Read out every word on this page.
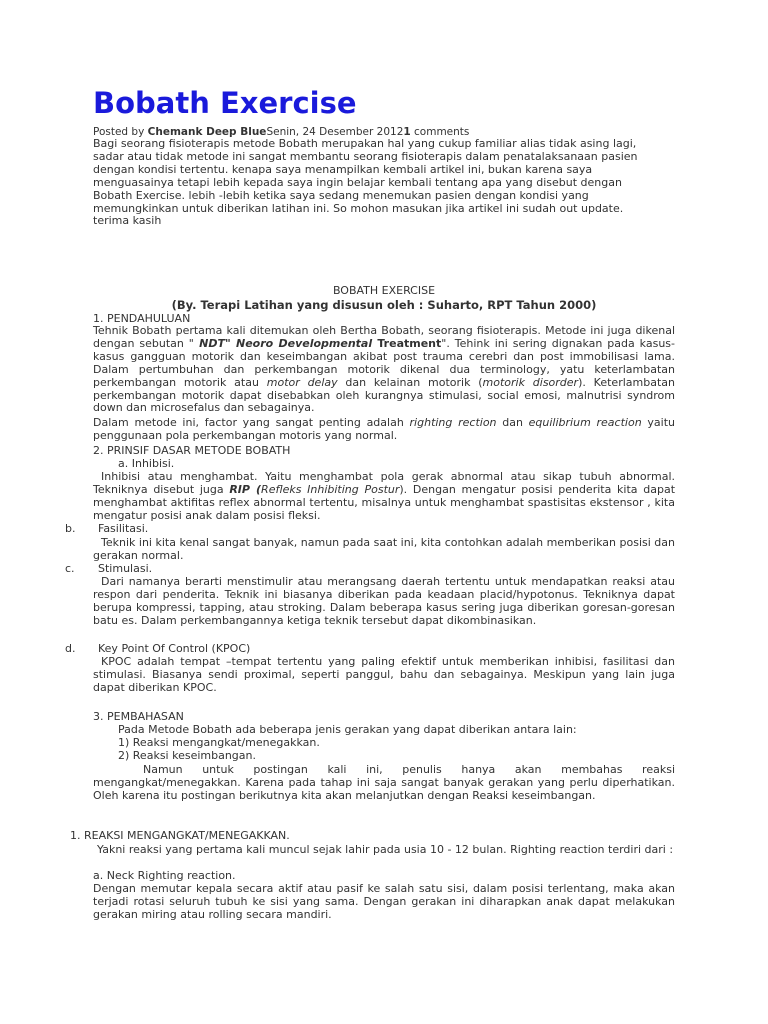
Bobath Exercise
Posted by Chemank Deep BlueSenin, 24 Desember 20121 comments
Bagi seorang fisioterapis metode Bobath merupakan hal yang cukup familiar alias tidak asing lagi,
sadar atau tidak metode ini sangat membantu seorang fisioterapis dalam penatalaksanaan pasien
dengan kondisi tertentu. kenapa saya menampilkan kembali artikel ini, bukan karena saya
menguasainya tetapi lebih kepada saya ingin belajar kembali tentang apa yang disebut dengan
Bobath Exercise. lebih -lebih ketika saya sedang menemukan pasien dengan kondisi yang
memungkinkan untuk diberikan latihan ini. So mohon masukan jika artikel ini sudah out update.
terima kasih
BOBATH EXERCISE
(By. Terapi Latihan yang disusun oleh : Suharto, RPT Tahun 2000)
1. PENDAHULUAN
Tehnik Bobath pertama kali ditemukan oleh Bertha Bobath, seorang fisioterapis. Metode ini juga dikenal dengan sebutan " NDT" Neoro Developmental Treatment". Tehink ini sering dignakan pada kasus-kasus gangguan motorik dan keseimbangan akibat post trauma cerebri dan post immobilisasi lama. Dalam pertumbuhan dan perkembangan motorik dikenal dua terminology, yatu keterlambatan perkembangan motorik atau motor delay dan kelainan motorik (motorik disorder). Keterlambatan perkembangan motorik dapat disebabkan oleh kurangnya stimulasi, social emosi, malnutrisi syndrom down dan microsefalus dan sebagainya.
Dalam metode ini, factor yang sangat penting adalah righting rection dan equilibrium reaction yaitu penggunaan pola perkembangan motoris yang normal.
2. PRINSIF DASAR METODE BOBATH
a. Inhibisi.
Inhibisi atau menghambat. Yaitu menghambat pola gerak abnormal atau sikap tubuh abnormal. Tekniknya disebut juga RIP (Refleks Inhibiting Postur). Dengan mengatur posisi penderita kita dapat menghambat aktifitas reflex abnormal tertentu, misalnya untuk menghambat spastisitas ekstensor , kita mengatur posisi anak dalam posisi fleksi.
b. Fasilitasi.
Teknik ini kita kenal sangat banyak, namun pada saat ini, kita contohkan adalah memberikan posisi dan gerakan normal.
c. Stimulasi.
Dari namanya berarti menstimulir atau merangsang daerah tertentu untuk mendapatkan reaksi atau respon dari penderita. Teknik ini biasanya diberikan pada keadaan placid/hypotonus. Tekniknya dapat berupa kompressi, tapping, atau stroking. Dalam beberapa kasus sering juga diberikan goresan-goresan batu es. Dalam perkembangannya ketiga teknik tersebut dapat dikombinasikan.
d. Key Point Of Control (KPOC)
KPOC adalah tempat –tempat tertentu yang paling efektif untuk memberikan inhibisi, fasilitasi dan stimulasi. Biasanya sendi proximal, seperti panggul, bahu dan sebagainya. Meskipun yang lain juga dapat diberikan KPOC.
3. PEMBAHASAN
Pada Metode Bobath ada beberapa jenis gerakan yang dapat diberikan antara lain:
1) Reaksi mengangkat/menegakkan.
2) Reaksi keseimbangan.
Namun untuk postingan kali ini, penulis hanya akan membahas reaksi mengangkat/menegakkan. Karena pada tahap ini saja sangat banyak gerakan yang perlu diperhatikan. Oleh karena itu postingan berikutnya kita akan melanjutkan dengan Reaksi keseimbangan.
1. REAKSI MENGANGKAT/MENEGAKKAN.
Yakni reaksi yang pertama kali muncul sejak lahir pada usia 10 - 12 bulan. Righting reaction terdiri dari :
a. Neck Righting reaction.
Dengan memutar kepala secara aktif atau pasif ke salah satu sisi, dalam posisi terlentang, maka akan terjadi rotasi seluruh tubuh ke sisi yang sama. Dengan gerakan ini diharapkan anak dapat melakukan gerakan miring atau rolling secara mandiri.
